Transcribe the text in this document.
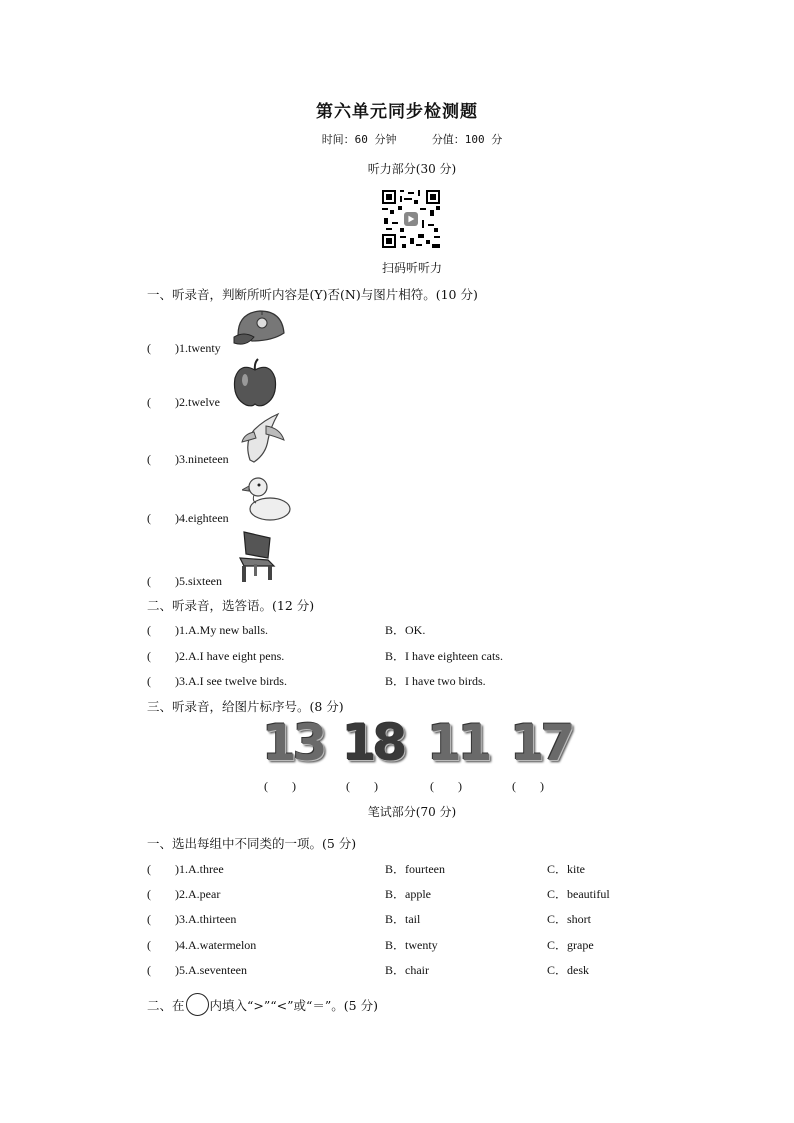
第六单元同步检测题
时间：60 分钟	分值：100 分
听力部分(30 分)
扫码听听力
一、听录音，判断所听内容是(Y)否(N)与图片相符。(10 分)
(　　)1.twenty
(　　)2.twelve
(　　)3.nineteen
(　　)4.eighteen
(　　)5.sixteen
二、听录音，选答语。(12 分)
(　　)1.A.My new balls.	B．OK.
(　　)2.A.I have eight pens.	B．I have eighteen cats.
(　　)3.A.I see twelve birds.	B．I have two birds.
三、听录音，给图片标序号。(8 分)
13 18 11 17
(　　)	(　　)	(　　)	(　　)
笔试部分(70 分)
一、选出每组中不同类的一项。(5 分)
(　　)1.A.three	B．fourteen	C．kite
(　　)2.A.pear	B．apple	C．beautiful
(　　)3.A.thirteen	B．tail	C．short
(　　)4.A.watermelon	B．twenty	C．grape
(　　)5.A.seventeen	B．chair	C．desk
二、在 内填入“>”“<”或“＝”。(5 分)
